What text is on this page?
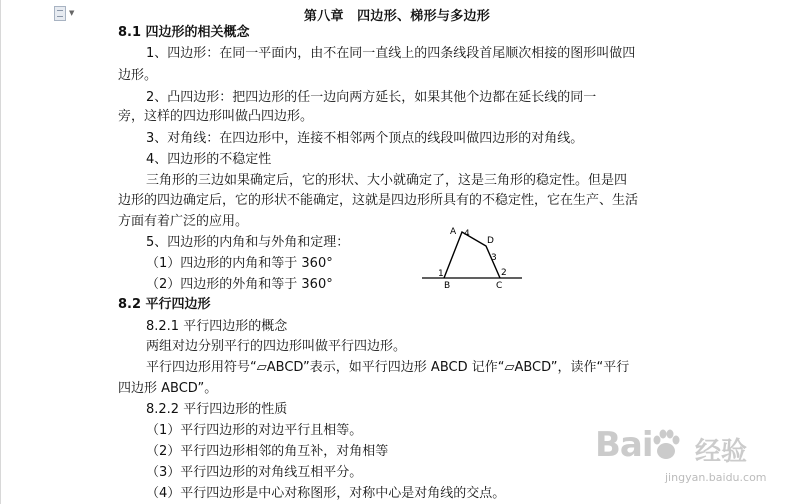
▼	第八章　四边形、梯形与多边形
8.1 四边形的相关概念
1、四边形：在同一平面内，由不在同一直线上的四条线段首尾顺次相接的图形叫做四
边形。
2、凸四边形：把四边形的任一边向两方延长，如果其他个边都在延长线的同一
旁，这样的四边形叫做凸四边形。
3、对角线：在四边形中，连接不相邻两个顶点的线段叫做四边形的对角线。
4、四边形的不稳定性
三角形的三边如果确定后，它的形状、大小就确定了，这是三角形的稳定性。但是四
边形的四边确定后，它的形状不能确定，这就是四边形所具有的不稳定性，它在生产、生活
方面有着广泛的应用。
5、四边形的内角和与外角和定理：
（1）四边形的内角和等于 360°
（2）四边形的外角和等于 360°
8.2 平行四边形
8.2.1 平行四边形的概念
两组对边分别平行的四边形叫做平行四边形。
平行四边形用符号“▱ABCD”表示，如平行四边形 ABCD 记作“▱ABCD”，读作“平行
四边形 ABCD”。
8.2.2 平行四边形的性质
（1）平行四边形的对边平行且相等。
（2）平行四边形相邻的角互补，对角相等
（3）平行四边形的对角线互相平分。
（4）平行四边形是中心对称图形，对称中心是对角线的交点。
A
B	C
D
1	2
3
4
Bai 经验
jingyan.baidu.com
